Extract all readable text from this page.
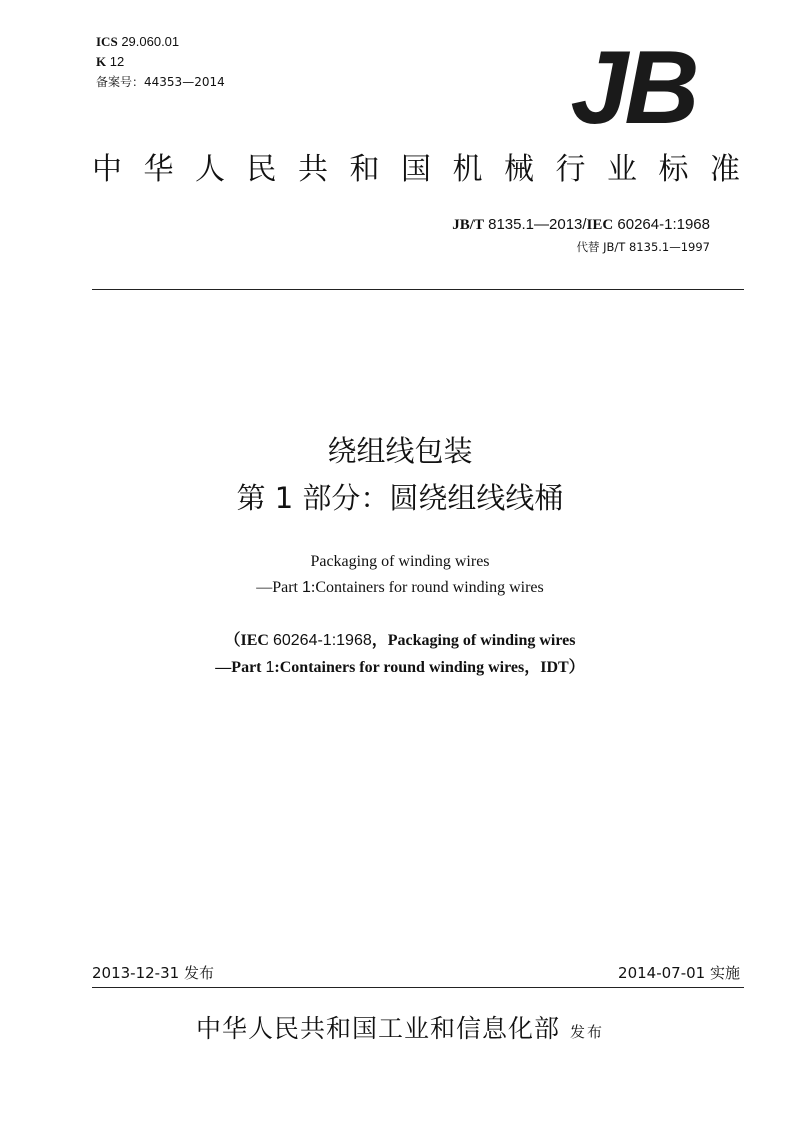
ICS 29.060.01
K 12
备案号：44353—2014	JB
中华人民共和国机械行业标准
JB/T 8135.1—2013/IEC 60264-1:1968
代替 JB/T 8135.1—1997
绕组线包装
第 1 部分：圆绕组线线桶
Packaging of winding wires
—Part 1:Containers for round winding wires
（IEC 60264-1:1968，Packaging of winding wires
—Part 1:Containers for round winding wires，IDT）
2013-12-31 发布	2014-07-01 实施
中华人民共和国工业和信息化部 发布
